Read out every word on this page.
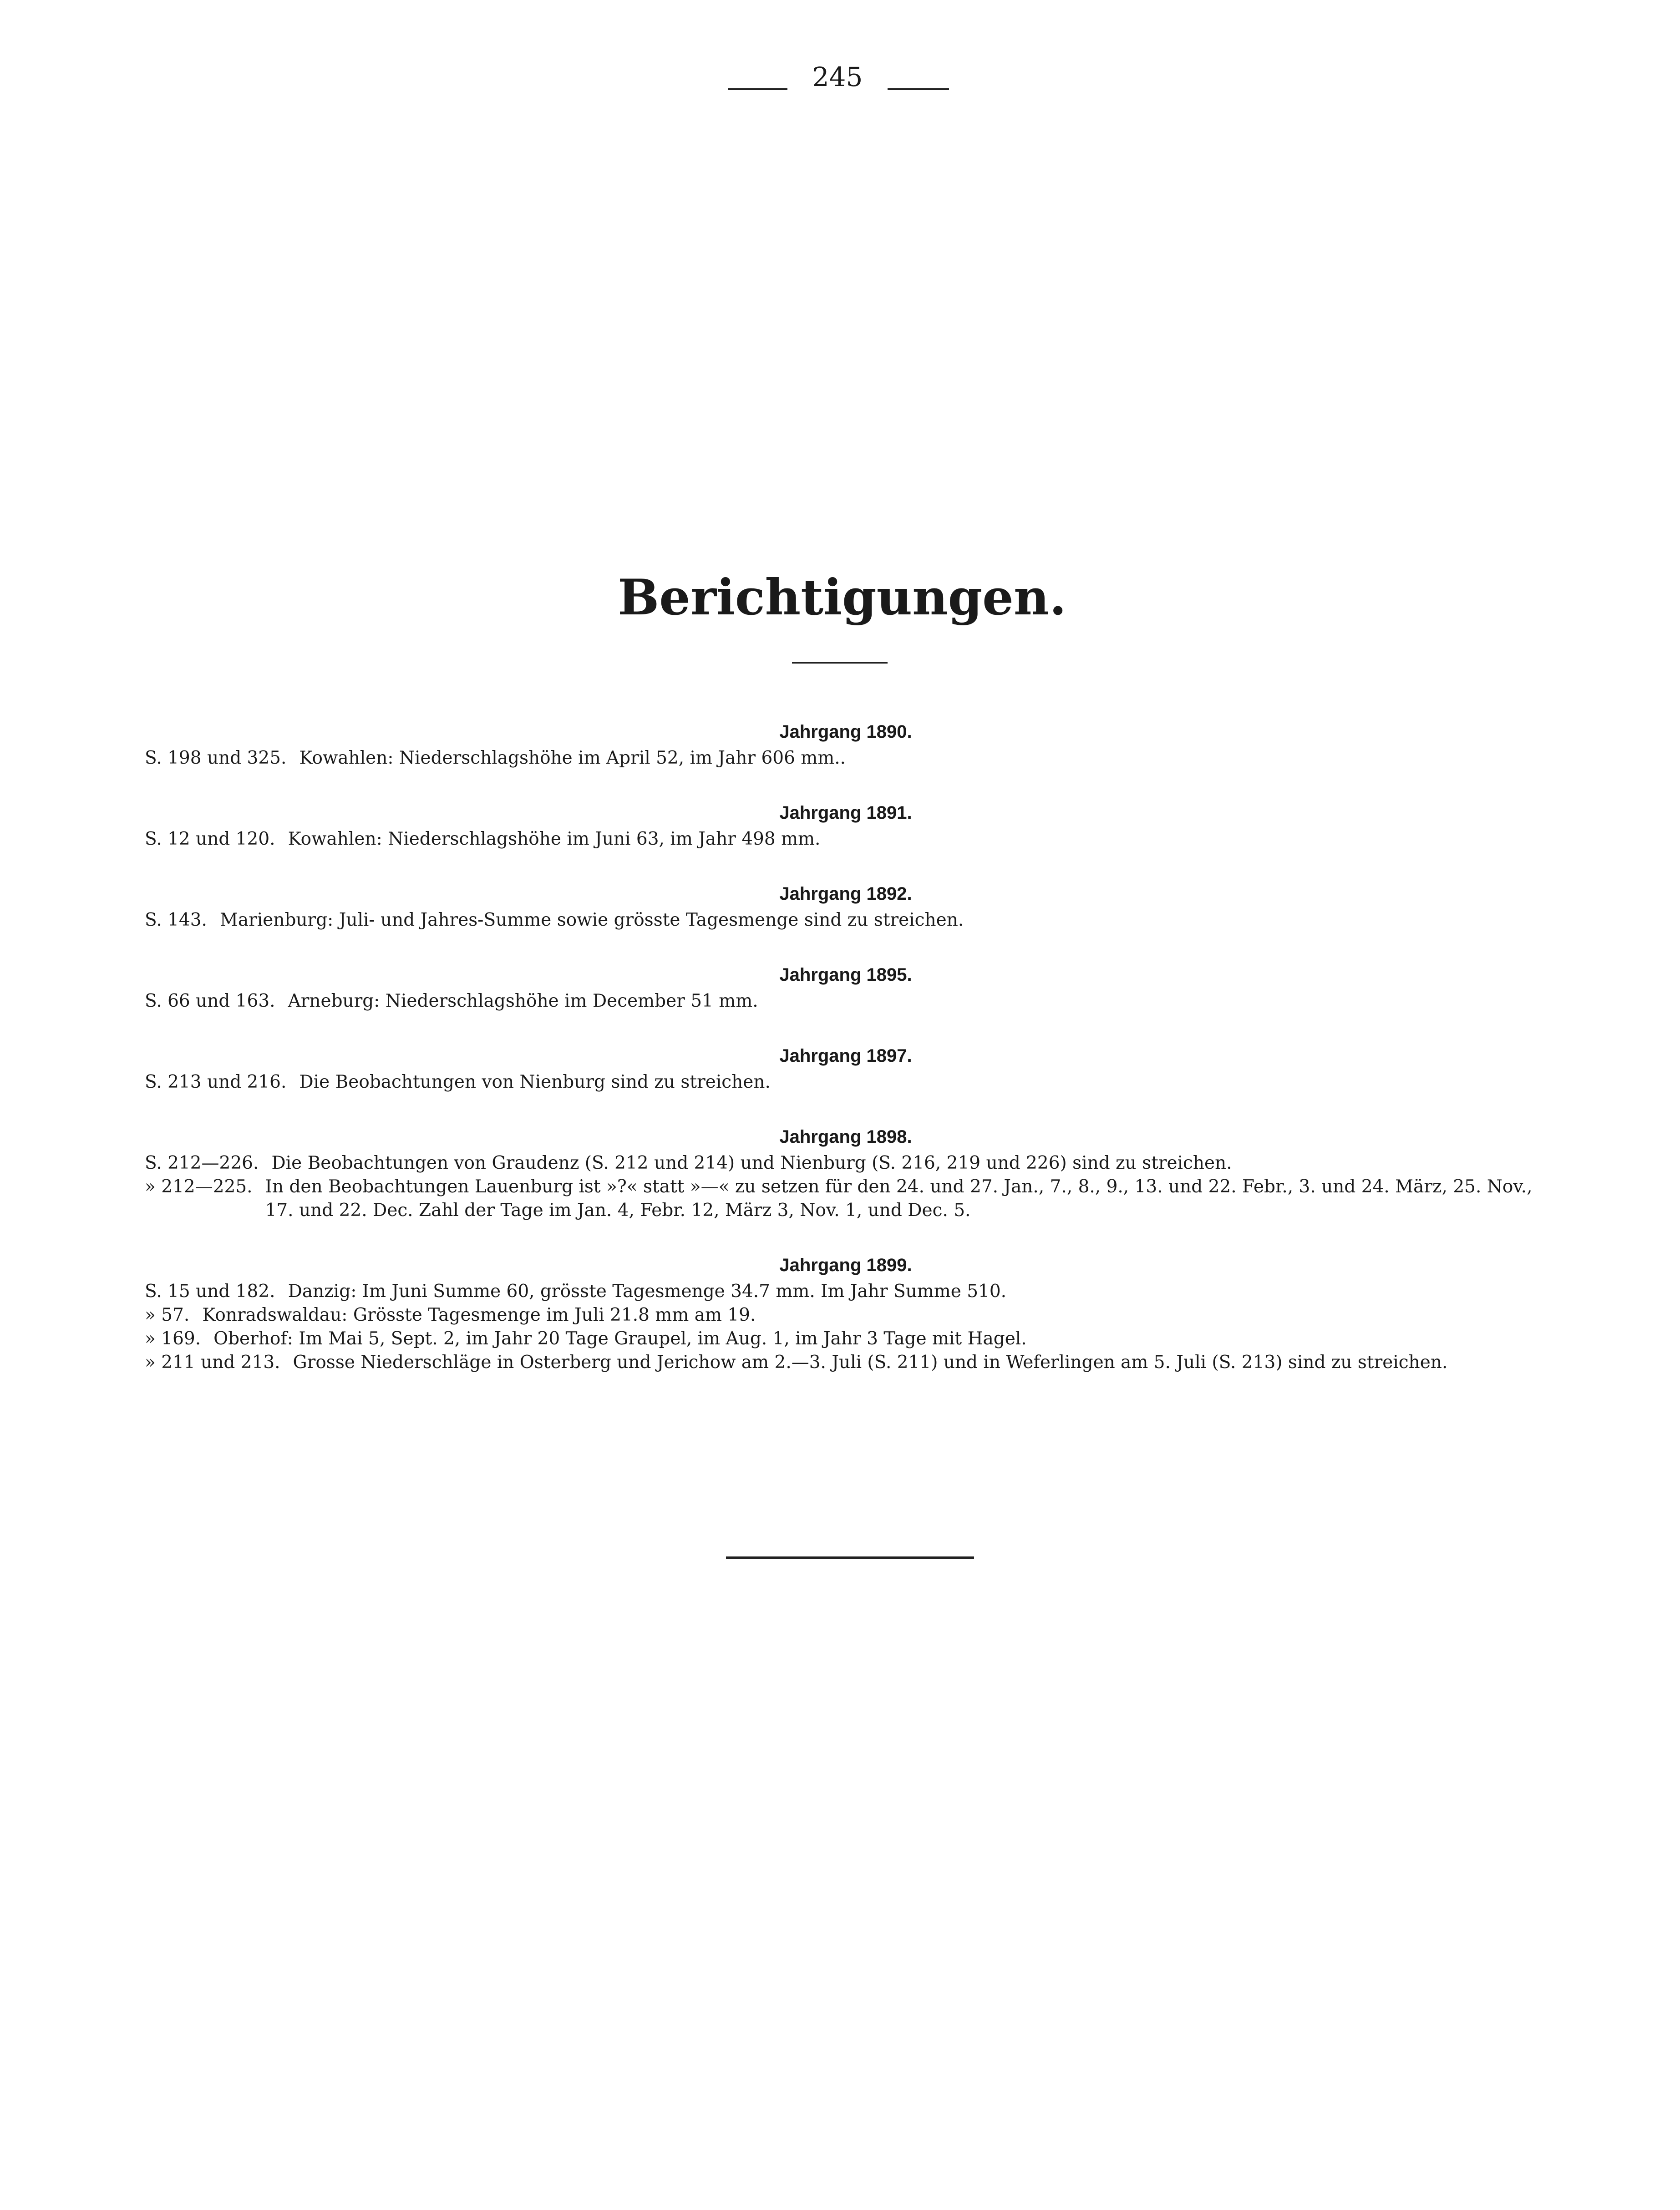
245
Berichtigungen.
Jahrgang 1890.
S. 198 und 325. Kowahlen: Niederschlagshöhe im April 52, im Jahr 606 mm..
Jahrgang 1891.
S. 12 und 120. Kowahlen: Niederschlagshöhe im Juni 63, im Jahr 498 mm.
Jahrgang 1892.
S. 143. Marienburg: Juli- und Jahres-Summe sowie grösste Tagesmenge sind zu streichen.
Jahrgang 1895.
S. 66 und 163. Arneburg: Niederschlagshöhe im December 51 mm.
Jahrgang 1897.
S. 213 und 216. Die Beobachtungen von Nienburg sind zu streichen.
Jahrgang 1898.
S. 212—226. Die Beobachtungen von Graudenz (S. 212 und 214) und Nienburg (S. 216, 219 und 226) sind zu streichen.
» 212—225. In den Beobachtungen Lauenburg ist »?« statt »—« zu setzen für den 24. und 27. Jan., 7., 8., 9., 13. und 22. Febr., 3. und 24. März, 25. Nov., 17. und 22. Dec. Zahl der Tage im Jan. 4, Febr. 12, März 3, Nov. 1, und Dec. 5.
Jahrgang 1899.
S. 15 und 182. Danzig: Im Juni Summe 60, grösste Tagesmenge 34.7 mm. Im Jahr Summe 510.
» 57. Konradswaldau: Grösste Tagesmenge im Juli 21.8 mm am 19.
» 169. Oberhof: Im Mai 5, Sept. 2, im Jahr 20 Tage Graupel, im Aug. 1, im Jahr 3 Tage mit Hagel.
» 211 und 213. Grosse Niederschläge in Osterberg und Jerichow am 2.—3. Juli (S. 211) und in Weferlingen am 5. Juli (S. 213) sind zu streichen.
